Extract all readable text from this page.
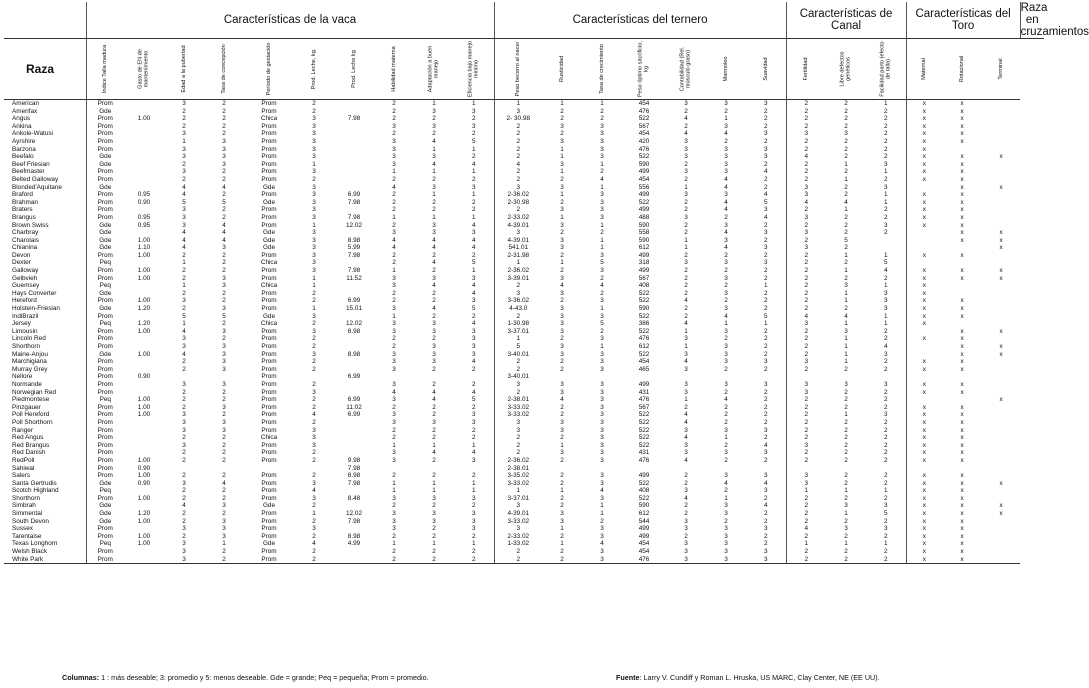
	Características de la vaca										Características del ternero							Características de Canal			Características del Toro			Raza en cruzamientos
Raza	Indice Talla madura	Gasto de EN de mantenimiento	Edad a la pubertad	Tasa de concepción	Período de gestación	Prod. Leche, kg.	Prod. Leche kg	Habilidad materna	Adaptación a buen manejo	Eficiencia bajo manejo mínimo	Peso becerro al nacer	Rusticidad	Tasa de crecimiento	Peso óptimo sacrificio, kg	Contabilidad (Rel. músculo graso)	Marmoleo	Suavidad	Fertilidad	Libre defectos genéticos	Facilidad parto (efecto de talla)	Maternal	Rotacional	Terminal	

American	Prom		3	2	Prom	2		2	1	1	1	1	1	454	3	3	3	2	2	1	x	x		
Amerifax	Gde		2	2	Prom	2		2	3	3	3	2	2	476	2	2	2	2	2	2	x	x		
Angus	Prom	1.00	2	2	Chica	3	7.98	2	2	2	2- 30.98	2	2	522	4	1	2	2	2	2	x	x		
Ankina	Prom		2	2	Prom	3		3	3	3	2	3	3	567	2	3	2	2	2	2	x	x		
Ankole-Watusi	Prom		3	2	Prom	3		2	2	2	2	2	3	454	4	4	3	3	3	2	x	x		
Ayrshire	Prom		1	3	Prom	3		3	4	5	2	3	3	420	3	2	2	2	2	2	x	x		
Barzona	Prom		3	3	Prom	3		3	1	1	2	1	3	476	3	3	3	2	2	2	x			
Beefalo	Gde		3	3	Prom	3		3	3	2	2	1	3	522	3	3	3	4	2	2	x	x	x	
Beef Friesian	Gde		2	3	Prom	1		3	4	4	4	3	1	590	2	3	2	2	1	3	x	x		
Beefmaster	Prom		3	2	Prom	3		1	1	1	2	1	2	499	3	3	4	2	2	1	x	x		
Belted Galloway	Prom		2	2	Prom	2		2	2	2	2	2	4	454	2	4	2	2	1	2	x	x		
Blonded'Aquitane	Gde		4	4	Gde	3		4	3	3	3	3	1	556	1	4	2	3	2	3		x	x	
Braford	Prom	0.95	4	2	Prom	3	6.99	2	1	1	2-36.02	1	3	499	3	3	4	3	2	1	x	x		
Brahman	Prom	0.90	5	5	Gde	3	7.98	2	2	2	2-30.98	2	3	522	2	4	5	4	4	1	x	x		
Braters	Prom		3	2	Prom	3		2	2	2	2	3	3	499	2	4	3	2	1	2	x	x		
Brangus	Prom	0.95	3	2	Prom	3	7.98	1	1	1	2-33.02	1	3	488	3	2	4	3	2	2	x	x		
Brown Swiss	Gde	0.95	3	4	Prom	1	12.02	2	3	4	4-39.01	3	1	590	2	3	2	2	2	3	x	x		
Charbray	Gde		4	4	Gde	3		3	3	3	3	2	2	558	2	4	3	3	2	2		x	x	
Charolais	Gde	1.00	4	4	Gde	3	8.98	4	4	4	4-39.01	3	1	590	1	3	2	2	5			x	x	
Chianina	Gde	1.10	4	3	Gde	3	5.99	4	4	4	541.01	3	1	612	1	4	3	3	2				x	
Devon	Prom	1.00	2	2	Prom	3	7.98	2	2	2	2-31.98	2	3	499	2	2	2	2	1	1	x	x		
Dexter	Peq		1	2	Chica	3		2	4	5	1	1	5	318	3	3	3	2	2	5				
Galloway	Prom	1.00	2	2	Prom	3	7.98	1	2	1	2-36.02	2	3	499	2	2	2	2	1	4	x	x	x	
Gelbvieh	Prom	1.00	2	3	Prom	1	11.52	3	3	3	3-39.01	3	2	567	2	3	2	2	2	2	x	x	x	
Guemsey	Peq		1	3	Chica	1		3	4	4	2	4	4	408	2	2	1	2	3	1	x			
Hays Converter	Gde		2	2	Prom	2		2	2	4	3	3	2	522	2	3	2	2	1	3	x			
Hereford	Prom	1.00	3	2	Prom	2	6.99	2	2	3	3-36.02	2	3	522	4	2	2	2	1	3	x	x		
Holstein-Friesian	Gde	1.20	2	3	Prom	1	15.01	3	4	5	4-43.0	3	1	590	2	3	2	2	2	3	x	x		
IndiBrazil	Prom		5	5	Gde	3		1	2	2	2	3	3	522	2	4	5	4	4	1	x	x		
Jersey	Peq	1.20	1	2	Chica	2	12.02	3	3	4	1-30.98	3	5	386	4	1	1	3	1	1	x			
Limousin	Prom	1.00	4	3	Prom	3	8.98	3	3	3	3-37.01	3	2	522	1	3	2	2	3	2		x	x	
Lincoln Red	Prom		3	2	Prom	2		2	2	3	1	2	3	476	3	2	2	2	1	2	x	x		
Shorthorn	Prom		3	3	Prom	2		2	3	3	5	3	1	612	1	3	2	2	1	4		x	x	
Maine-Anjou	Gde	1.00	4	3	Prom	3	8.98	3	3	3	3-40.01	3	3	522	3	3	2	2	1	3		x	x	
Marchigiana	Prom		2	3	Prom	2		3	3	4	2	2	3	454	4	3	3	3	1	2	x	x		
Murray Grey	Prom		2	3	Prom	2		3	2	2	2	2	3	465	3	2	2	2	2	2	x	x		
Nellore	Prom	0.90			Prom		6.99				3-40.01													
Normande	Prom		3	3	Prom	2		3	2	2	3	3	3	499	3	3	3	3	3	3	x	x		
Norwegian Red	Prom		2	2	Prom	3		4	4	4	2	3	3	431	3	2	2	3	2	2	x	x		
Piedmontese	Peq	1.00	2	2	Prom	2	6.99	3	4	5	2-38.01	4	3	476	1	4	2	2	2	2			x	
Pinzgauer	Prom	1.00	2	3	Prom	2	11.02	2	2	2	3-33.02	2	3	567	2	2	2	2	2	2	x	x		
Poll Hereford	Prom	1.00	3	2	Prom	4	6.99	3	2	3	3-33.02	2	3	522	4	2	2	2	1	3	x	x		
Poll Shorthorn	Prom		3	3	Prom	2		3	3	3	3	3	3	522	4	2	2	2	2	2	x	x		
Ranger	Prom		3	3	Prom	3		2	2	2	3	3	3	522	3	3	3	2	2	2	x	x		
Red Angus	Prom		2	2	Chica	3		2	2	2	2	2	3	522	4	1	2	2	2	2	x	x		
Red Brangus	Prom		3	2	Prom	3		1	1	1	2	1	3	522	3	2	4	3	2	2	x	x		
Red Danish	Prom		2	2	Prom	2		3	4	4	2	3	3	431	3	3	3	2	2	2	x	x		
RedPoll	Prom	1.00	2	2	Prom	2	9.98	3	2	3	2-36.02	2	3	476	4	2	2	2	2	2	x	x		
Sahiwal	Prom	0.90					7.98				2-38.01													
Salers	Prom	1.00	2	2	Prom	2	8.98	2	2	2	3-35.02	2	3	499	2	3	3	3	2	2	x	x		
Santa Gertrudis	Gde	0.90	3	4	Prom	3	7.98	1	1	1	3-33.02	2	3	522	2	4	4	3	2	2	x	x	x	
Scotch Highland	Peq		2	2	Prom	4		1	1	1	1	1	4	408	3	2	3	1	1	1	x	x		
Shorthorn	Prom	1.00	2	2	Prom	3	8.48	3	3	3	3-37.01	2	3	522	4	1	2	2	2	2	x	x		
Simbrah	Gde		4	3	Gde	2		2	2	2	3	2	1	590	2	3	4	2	3	3	x	x	x	
Simmental	Gde	1.20	2	2	Prom	1	12.02	3	3	3	4-39.01	3	1	612	2	3	2	2	1	5	x	x	x	
South Devon	Gde	1.00	2	3	Prom	2	7.98	3	3	3	3-33.02	3	2	544	3	2	2	2	2	2	x	x		
Sussex	Prom		3	3	Prom	3		3	2	3	3	1	3	499	3	3	3	4	3	3	x	x		
Tarentaise	Prom	1.00	2	3	Prom	2	8.98	2	2	2	2-33.02	2	3	499	2	3	2	2	2	2	x	x		
Texas Longhorn	Peq	1.00	3	1	Gde	4	4.99	1	1	1	1-33.02	1	4	454	3	3	2	1	1	1	x	x		
Welsh Black	Prom		3	2	Prom	2		2	2	2	2	2	3	454	3	3	3	2	2	2	x	x		
White Park	Prom		3	2	Prom	2		2	2	2	2	2	3	476	3	3	3	2	2	2	x	x		
Columnas: 1 : más deseable; 3: promedio y 5: menos deseable. Gde = grande; Peq = pequeña; Prom = promedio.	Fuente: Larry V. Cundiff y Roman L. Hruska, US MARC, Clay Center, NE (EE UU).
